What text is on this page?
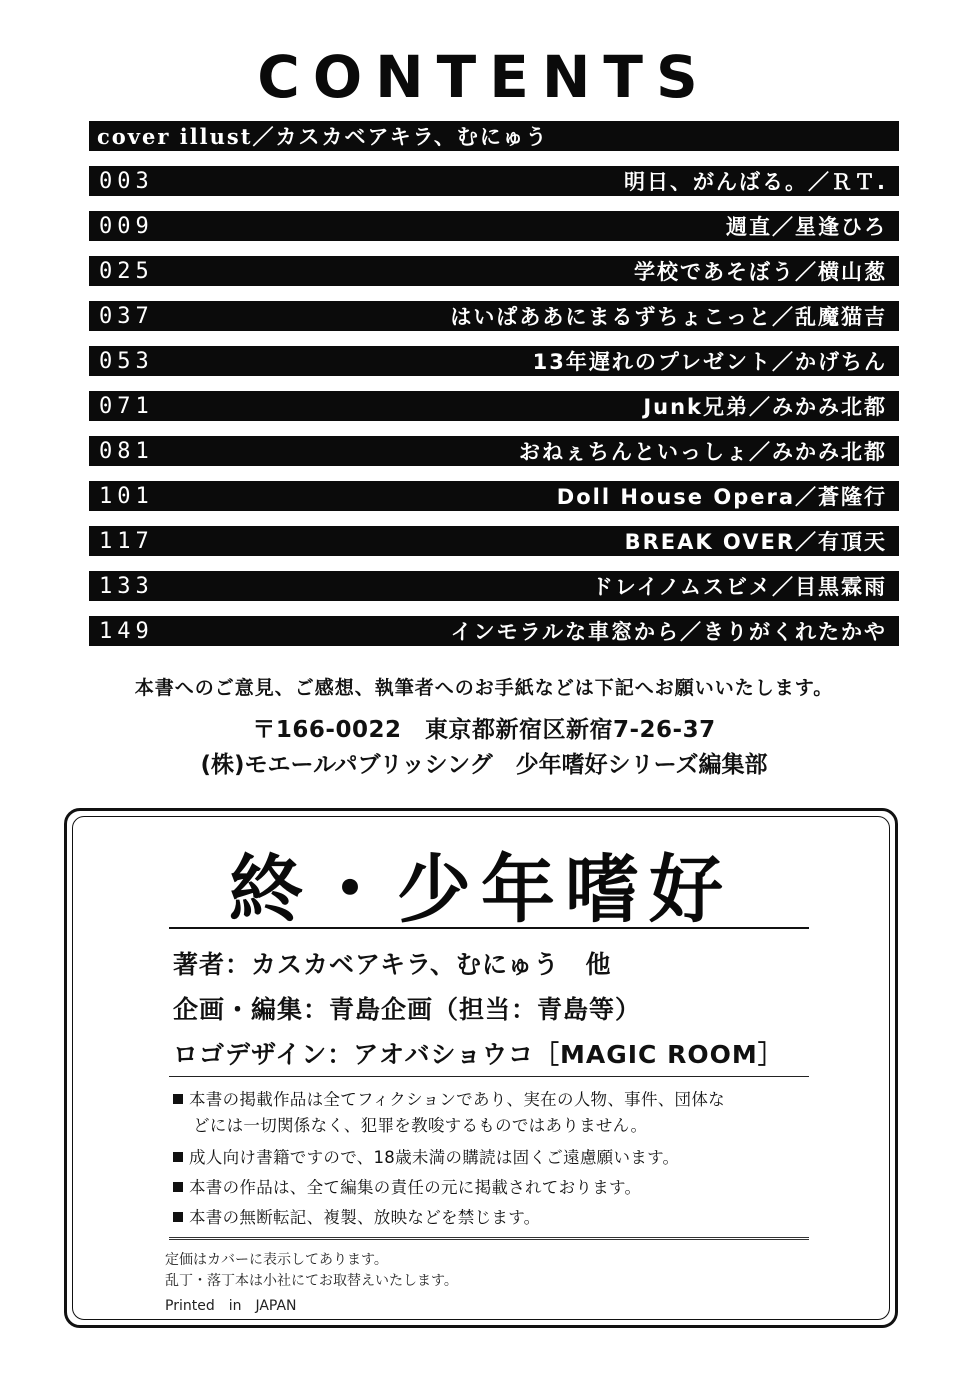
CONTENTS
cover illust／カスカベアキラ、むにゅう
003	明日、がんばる。／ＲＴ.
009	週直／星逢ひろ
025	学校であそぼう／横山葱
037	はいぱああにまるずちょこっと／乱魔猫吉
053	13年遅れのプレゼント／かげちん
071	Junk兄弟／みかみ北都
081	おねぇちんといっしょ／みかみ北都
101	Doll House Opera／蒼隆行
117	BREAK OVER／有頂天
133	ドレイノムスビメ／目黒霖雨
149	インモラルな車窓から／きりがくれたかや
本書へのご意見、ご感想、執筆者へのお手紙などは下記へお願いいたします。
〒166-0022　東京都新宿区新宿7-26-37
(株)モエールパブリッシング　少年嗜好シリーズ編集部
終・少年嗜好
著者：カスカベアキラ、むにゅう　他
企画・編集：青島企画（担当：青島等）
ロゴデザイン：アオバショウコ［MAGIC ROOM］
本書の掲載作品は全てフィクションであり、実在の人物、事件、団体な
どには一切関係なく、犯罪を教唆するものではありません。
成人向け書籍ですので、18歳未満の購読は固くご遠慮願います。
本書の作品は、全て編集の責任の元に掲載されております。
本書の無断転記、複製、放映などを禁じます。
定価はカバーに表示してあります。
乱丁・落丁本は小社にてお取替えいたします。
Printed　in　JAPAN
